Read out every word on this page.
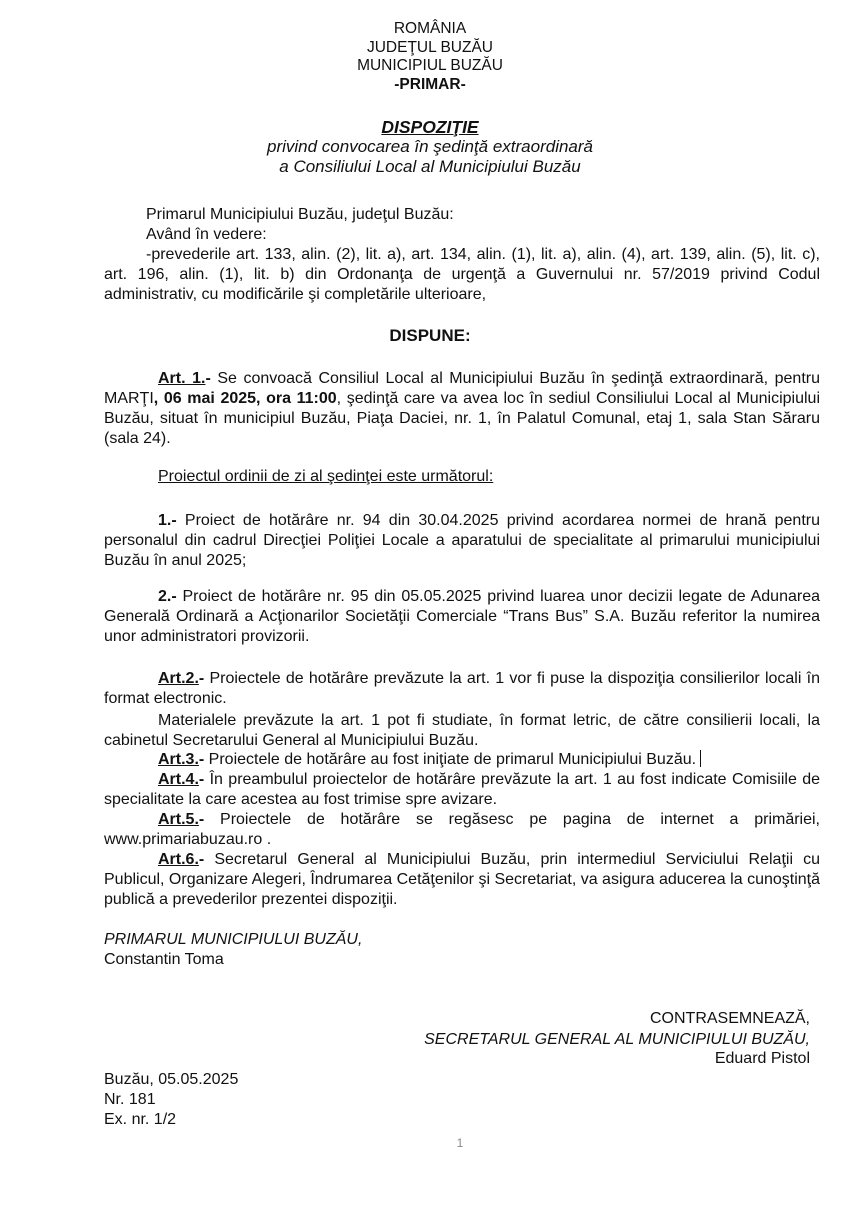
ROMÂNIA
JUDEŢUL BUZĂU
MUNICIPIUL BUZĂU
-PRIMAR-
DISPOZIŢIE
privind convocarea în şedinţă extraordinară
a Consiliului Local al Municipiului Buzău
Primarul Municipiului Buzău, judeţul Buzău:
Având în vedere:
-prevederile art. 133, alin. (2), lit. a), art. 134, alin. (1), lit. a), alin. (4), art. 139, alin. (5), lit. c), art. 196, alin. (1), lit. b) din Ordonanţa de urgenţă a Guvernului nr. 57/2019 privind Codul administrativ, cu modificările şi completările ulterioare,
DISPUNE:
Art. 1.- Se convoacă Consiliul Local al Municipiului Buzău în şedinţă extraordinară, pentru MARŢI, 06 mai 2025, ora 11:00, şedinţă care va avea loc în sediul Consiliului Local al Municipiului Buzău, situat în municipiul Buzău, Piaţa Daciei, nr. 1, în Palatul Comunal, etaj 1, sala Stan Săraru (sala 24).
Proiectul ordinii de zi al şedinţei este următorul:
1.- Proiect de hotărâre nr. 94 din 30.04.2025 privind acordarea normei de hrană pentru personalul din cadrul Direcţiei Poliţiei Locale a aparatului de specialitate al primarului municipiului Buzău în anul 2025;
2.- Proiect de hotărâre nr. 95 din 05.05.2025 privind luarea unor decizii legate de Adunarea Generală Ordinară a Acţionarilor Societăţii Comerciale “Trans Bus” S.A. Buzău referitor la numirea unor administratori provizorii.
Art.2.- Proiectele de hotărâre prevăzute la art. 1 vor fi puse la dispoziţia consilierilor locali în format electronic.
Materialele prevăzute la art. 1 pot fi studiate, în format letric, de către consilierii locali, la cabinetul Secretarului General al Municipiului Buzău.
Art.3.- Proiectele de hotărâre au fost iniţiate de primarul Municipiului Buzău.
Art.4.- În preambulul proiectelor de hotărâre prevăzute la art. 1 au fost indicate Comisiile de specialitate la care acestea au fost trimise spre avizare.
Art.5.- Proiectele de hotărâre se regăsesc pe pagina de internet a primăriei, www.primariabuzau.ro .
Art.6.- Secretarul General al Municipiului Buzău, prin intermediul Serviciului Relaţii cu Publicul, Organizare Alegeri, Îndrumarea Cetăţenilor şi Secretariat, va asigura aducerea la cunoştinţă publică a prevederilor prezentei dispoziţii.
PRIMARUL MUNICIPIULUI BUZĂU,
Constantin Toma
CONTRASEMNEAZĂ,
SECRETARUL GENERAL AL MUNICIPIULUI BUZĂU,
Eduard Pistol
Buzău, 05.05.2025
Nr. 181
Ex. nr. 1/2
1
